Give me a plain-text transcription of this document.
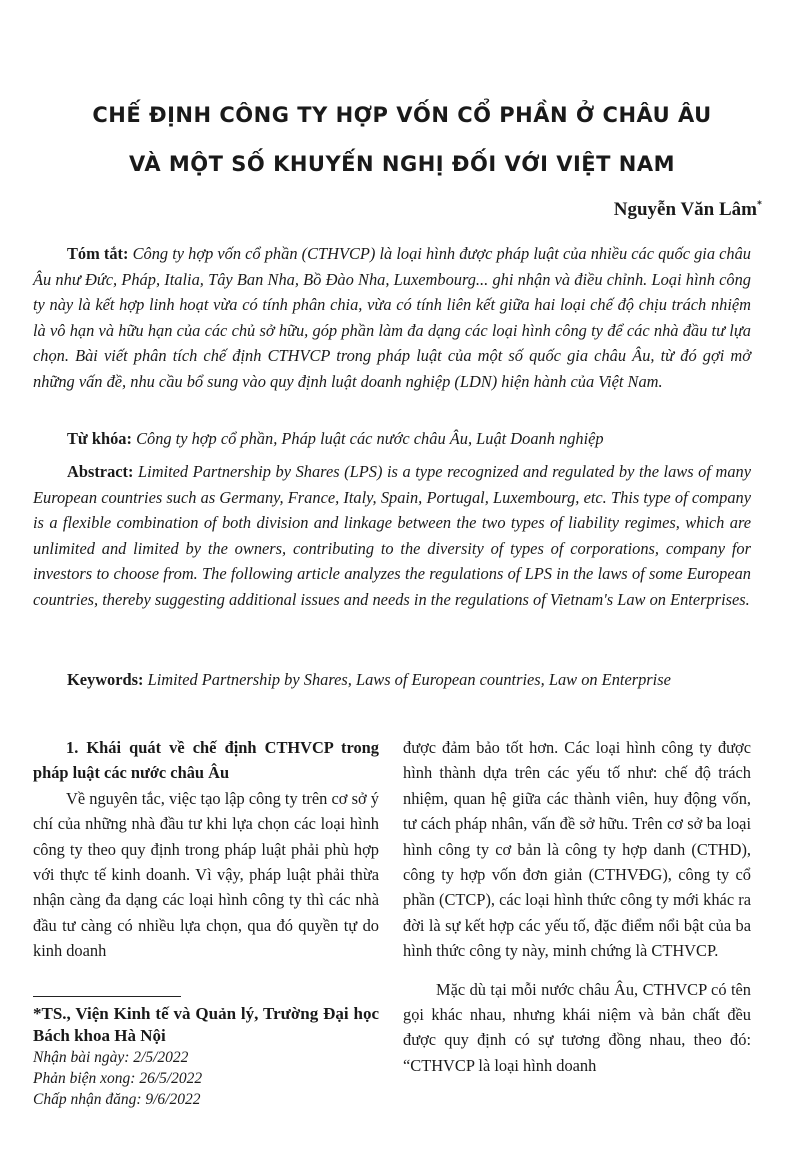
CHẾ ĐỊNH CÔNG TY HỢP VỐN CỔ PHẦN Ở CHÂU ÂU
VÀ MỘT SỐ KHUYẾN NGHỊ ĐỐI VỚI VIỆT NAM
Nguyễn Văn Lâm*
Tóm tắt: Công ty hợp vốn cổ phần (CTHVCP) là loại hình được pháp luật của nhiều các quốc gia châu Âu như Đức, Pháp, Italia, Tây Ban Nha, Bồ Đào Nha, Luxembourg... ghi nhận và điều chỉnh. Loại hình công ty này là kết hợp linh hoạt vừa có tính phân chia, vừa có tính liên kết giữa hai loại chế độ chịu trách nhiệm là vô hạn và hữu hạn của các chủ sở hữu, góp phần làm đa dạng các loại hình công ty để các nhà đầu tư lựa chọn. Bài viết phân tích chế định CTHVCP trong pháp luật của một số quốc gia châu Âu, từ đó gợi mở những vấn đề, nhu cầu bổ sung vào quy định luật doanh nghiệp (LDN) hiện hành của Việt Nam.
Từ khóa: Công ty hợp cổ phần, Pháp luật các nước châu Âu, Luật Doanh nghiệp
Abstract: Limited Partnership by Shares (LPS) is a type recognized and regulated by the laws of many European countries such as Germany, France, Italy, Spain, Portugal, Luxembourg, etc. This type of company is a flexible combination of both division and linkage between the two types of liability regimes, which are unlimited and limited by the owners, contributing to the diversity of types of corporations, company for investors to choose from. The following article analyzes the regulations of LPS in the laws of some European countries, thereby suggesting additional issues and needs in the regulations of Vietnam's Law on Enterprises.
Keywords: Limited Partnership by Shares, Laws of European countries, Law on Enterprise
1. Khái quát về chế định CTHVCP trong pháp luật các nước châu Âu
Về nguyên tắc, việc tạo lập công ty trên cơ sở ý chí của những nhà đầu tư khi lựa chọn các loại hình công ty theo quy định trong pháp luật phải phù hợp với thực tế kinh doanh. Vì vậy, pháp luật phải thừa nhận càng đa dạng các loại hình công ty thì các nhà đầu tư càng có nhiều lựa chọn, qua đó quyền tự do kinh doanh
được đảm bảo tốt hơn. Các loại hình công ty được hình thành dựa trên các yếu tố như: chế độ trách nhiệm, quan hệ giữa các thành viên, huy động vốn, tư cách pháp nhân, vấn đề sở hữu. Trên cơ sở ba loại hình công ty cơ bản là công ty hợp danh (CTHD), công ty hợp vốn đơn giản (CTHVĐG), công ty cổ phần (CTCP), các loại hình thức công ty mới khác ra đời là sự kết hợp các yếu tố, đặc điểm nổi bật của ba hình thức công ty này, minh chứng là CTHVCP.
Mặc dù tại mỗi nước châu Âu, CTHVCP có tên gọi khác nhau, nhưng khái niệm và bản chất đều được quy định có sự tương đồng nhau, theo đó: “CTHVCP là loại hình doanh
*TS., Viện Kinh tế và Quản lý, Trường Đại học Bách khoa Hà Nội
Nhận bài ngày: 2/5/2022
Phản biện xong: 26/5/2022
Chấp nhận đăng: 9/6/2022
